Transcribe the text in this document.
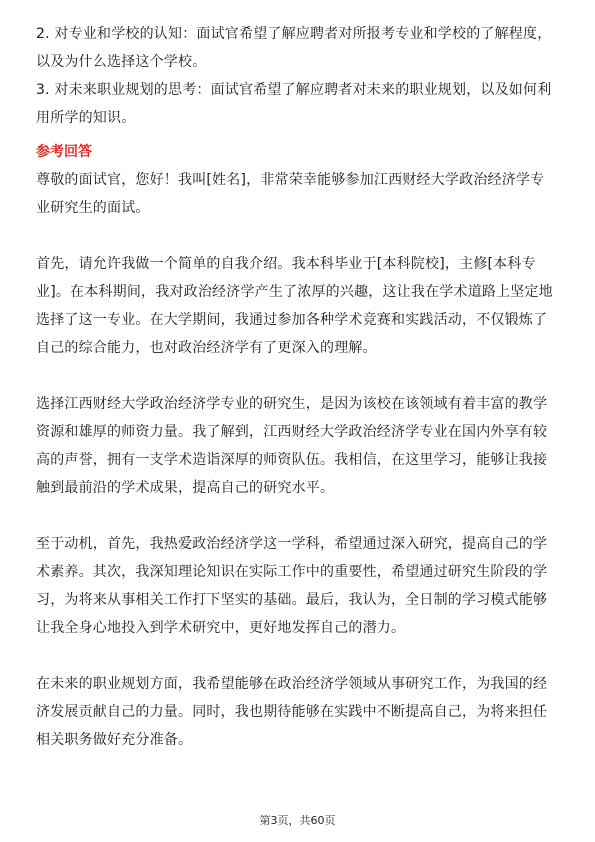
2. 对专业和学校的认知：面试官希望了解应聘者对所报考专业和学校的了解程度，
以及为什么选择这个学校。
3. 对未来职业规划的思考：面试官希望了解应聘者对未来的职业规划，以及如何利
用所学的知识。
参考回答
尊敬的面试官，您好！我叫[姓名]，非常荣幸能够参加江西财经大学政治经济学专
业研究生的面试。
首先，请允许我做一个简单的自我介绍。我本科毕业于[本科院校]，主修[本科专
业]。在本科期间，我对政治经济学产生了浓厚的兴趣，这让我在学术道路上坚定地
选择了这一专业。在大学期间，我通过参加各种学术竞赛和实践活动，不仅锻炼了
自己的综合能力，也对政治经济学有了更深入的理解。
选择江西财经大学政治经济学专业的研究生，是因为该校在该领域有着丰富的教学
资源和雄厚的师资力量。我了解到，江西财经大学政治经济学专业在国内外享有较
高的声誉，拥有一支学术造诣深厚的师资队伍。我相信，在这里学习，能够让我接
触到最前沿的学术成果，提高自己的研究水平。
至于动机，首先，我热爱政治经济学这一学科，希望通过深入研究，提高自己的学
术素养。其次，我深知理论知识在实际工作中的重要性，希望通过研究生阶段的学
习，为将来从事相关工作打下坚实的基础。最后，我认为，全日制的学习模式能够
让我全身心地投入到学术研究中，更好地发挥自己的潜力。
在未来的职业规划方面，我希望能够在政治经济学领域从事研究工作，为我国的经
济发展贡献自己的力量。同时，我也期待能够在实践中不断提高自己，为将来担任
相关职务做好充分准备。
第3页，共60页
